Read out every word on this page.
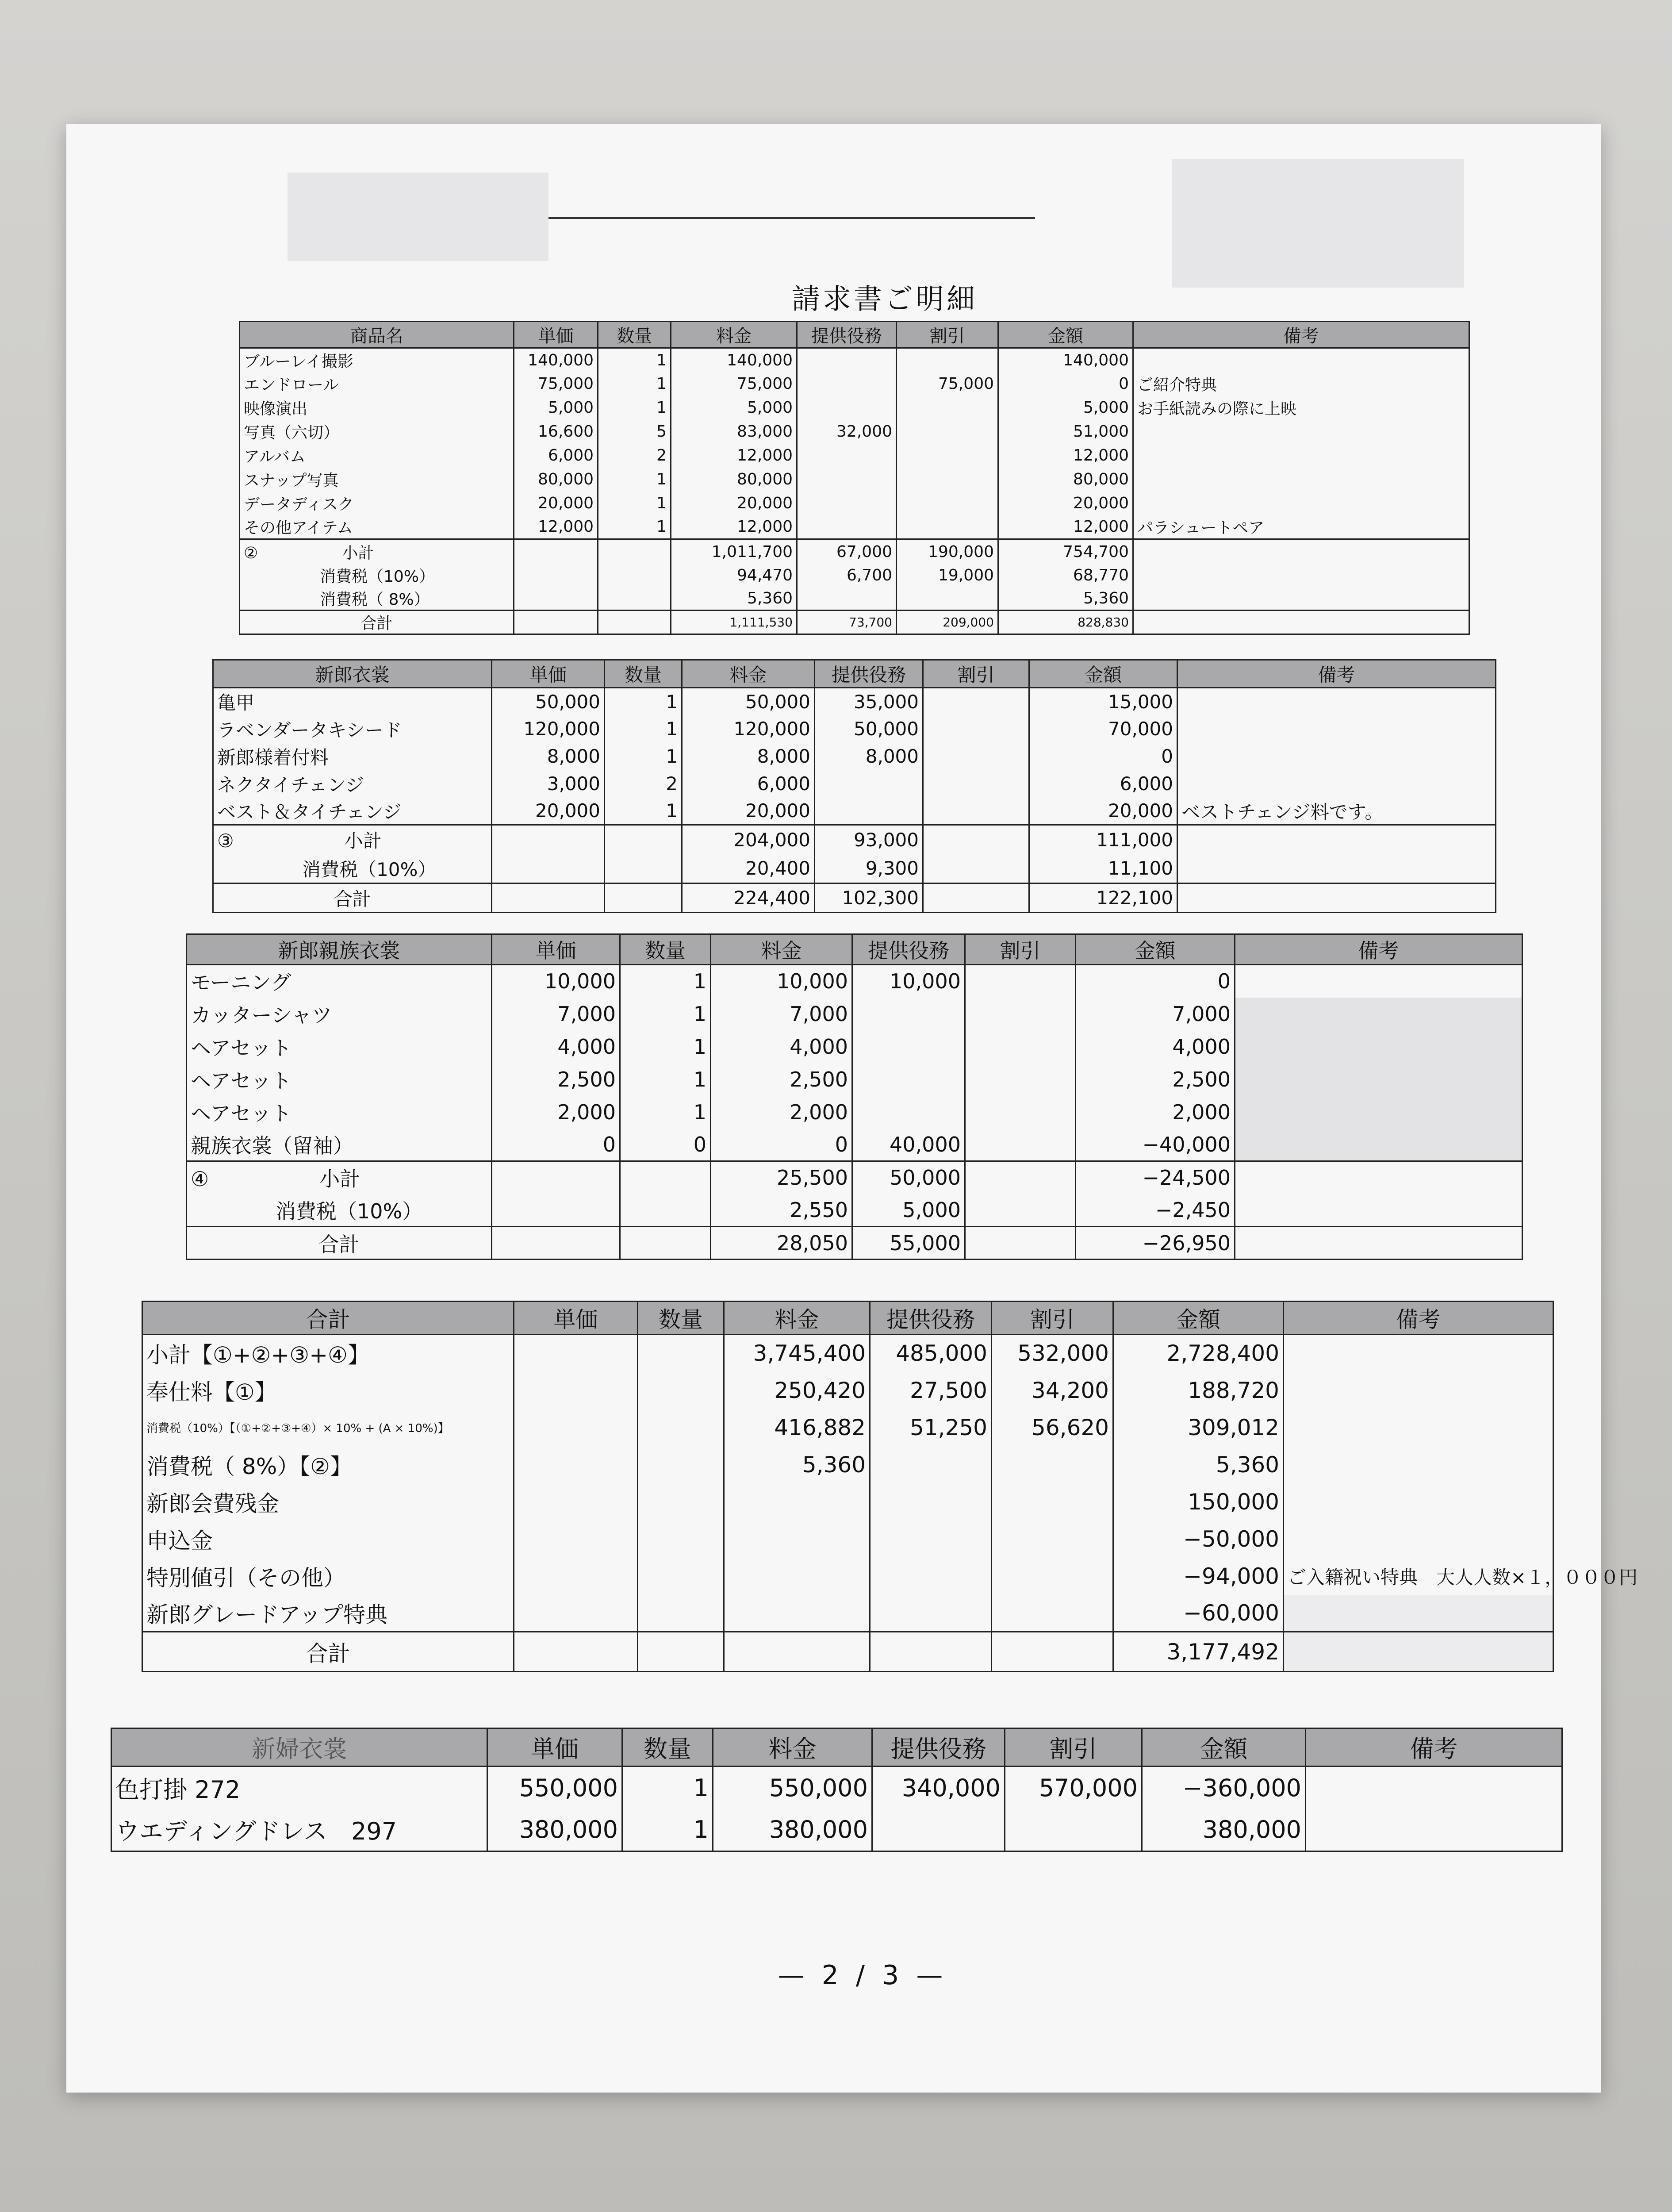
請求書ご明細
商品名	単価	数量	料金	提供役務	割引	金額	備考
ブルーレイ撮影	140,000	1	140,000			140,000	
エンドロール	75,000	1	75,000		75,000	0	ご紹介特典
映像演出	5,000	1	5,000			5,000	お手紙読みの際に上映
写真（六切）	16,600	5	83,000	32,000		51,000	
アルバム	6,000	2	12,000			12,000	
スナップ写真	80,000	1	80,000			80,000	
データディスク	20,000	1	20,000			20,000	
その他アイテム	12,000	1	12,000			12,000	パラシュートペア
② 小計			1,011,700	67,000	190,000	754,700	
消費税（10%）			94,470	6,700	19,000	68,770	
消費税（ 8%）			5,360			5,360	
合計			1,111,530	73,700	209,000	828,830	
新郎衣裳	単価	数量	料金	提供役務	割引	金額	備考
亀甲	50,000	1	50,000	35,000		15,000	
ラベンダータキシード	120,000	1	120,000	50,000		70,000	
新郎様着付料	8,000	1	8,000	8,000		0	
ネクタイチェンジ	3,000	2	6,000			6,000	
ベスト＆タイチェンジ	20,000	1	20,000			20,000	ベストチェンジ料です。
③ 小計			204,000	93,000		111,000	
消費税（10%）			20,400	9,300		11,100	
合計			224,400	102,300		122,100	
新郎親族衣裳	単価	数量	料金	提供役務	割引	金額	備考
モーニング	10,000	1	10,000	10,000		0	
カッターシャツ	7,000	1	7,000			7,000	
ヘアセット	4,000	1	4,000			4,000	
ヘアセット	2,500	1	2,500			2,500	
ヘアセット	2,000	1	2,000			2,000	
親族衣裳（留袖）	0	0	0	40,000		−40,000	
④ 小計			25,500	50,000		−24,500	
消費税（10%）			2,550	5,000		−2,450	
合計			28,050	55,000		−26,950	
合計	単価	数量	料金	提供役務	割引	金額	備考
小計【①+②+③+④】			3,745,400	485,000	532,000	2,728,400	
奉仕料【①】			250,420	27,500	34,200	188,720	
消費税（10%）【（①+②+③+④）× 10% + (A × 10%)】			416,882	51,250	56,620	309,012	
消費税（ 8%）【②】			5,360			5,360	
新郎会費残金						150,000	
申込金						−50,000	
特別値引（その他）						−94,000	ご入籍祝い特典　大人人数×１，０００円
新郎グレードアップ特典						−60,000	
合計						3,177,492	
新婦衣裳	単価	数量	料金	提供役務	割引	金額	備考
色打掛 272	550,000	1	550,000	340,000	570,000	−360,000	
ウエディングドレス　297	380,000	1	380,000			380,000	
— 2 / 3 —
